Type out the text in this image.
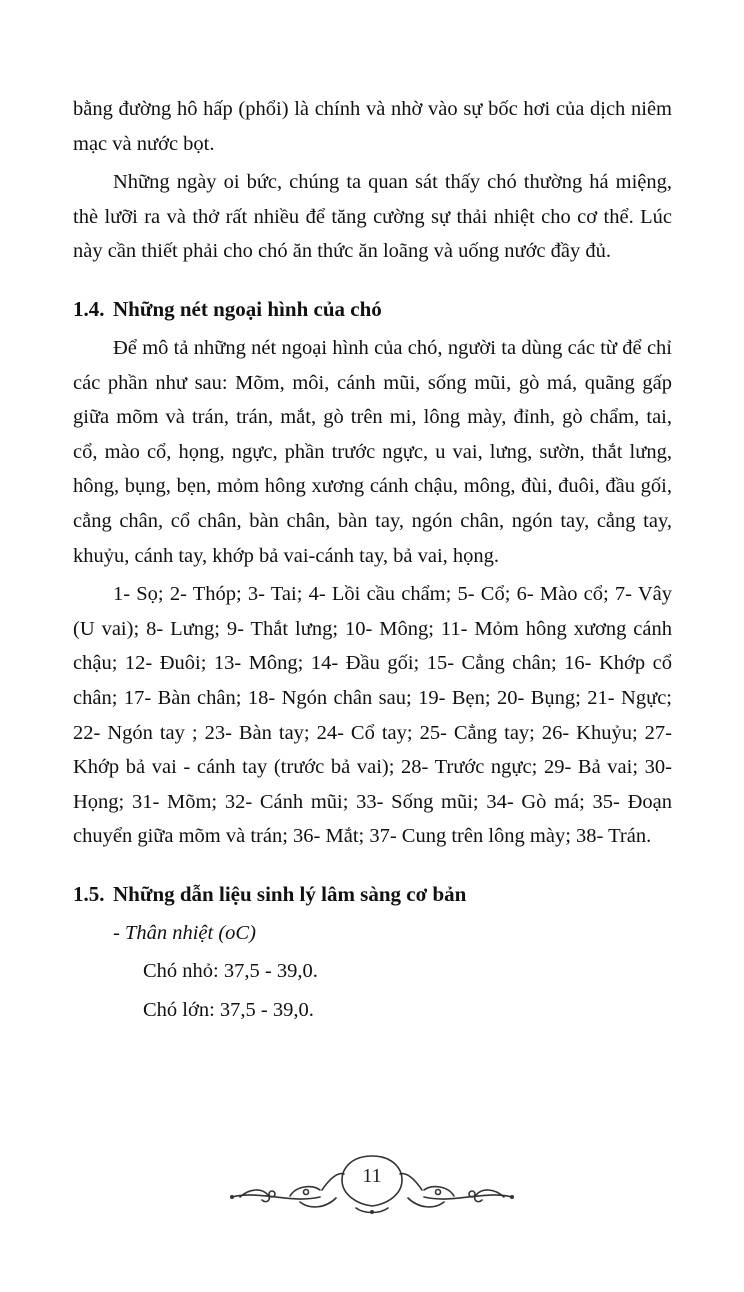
bằng đường hô hấp (phổi) là chính và nhờ vào sự bốc hơi của dịch niêm mạc và nước bọt.

Những ngày oi bức, chúng ta quan sát thấy chó thường há miệng, thè lưỡi ra và thở rất nhiều để tăng cường sự thải nhiệt cho cơ thể. Lúc này cần thiết phải cho chó ăn thức ăn loãng và uống nước đầy đủ.

1.4. Những nét ngoại hình của chó

Để mô tả những nét ngoại hình của chó, người ta dùng các từ để chỉ các phần như sau: Mõm, môi, cánh mũi, sống mũi, gò má, quãng gấp giữa mõm và trán, trán, mắt, gò trên mi, lông mày, đỉnh, gò chẩm, tai, cổ, mào cổ, họng, ngực, phần trước ngực, u vai, lưng, sườn, thắt lưng, hông, bụng, bẹn, mỏm hông xương cánh chậu, mông, đùi, đuôi, đầu gối, cẳng chân, cổ chân, bàn chân, bàn tay, ngón chân, ngón tay, cẳng tay, khuỷu, cánh tay, khớp bả vai-cánh tay, bả vai, họng.

1- Sọ; 2- Thóp; 3- Tai; 4- Lồi cầu chẩm; 5- Cổ; 6- Mào cổ; 7- Vây (U vai); 8- Lưng; 9- Thắt lưng; 10- Mông; 11- Mỏm hông xương cánh chậu; 12- Đuôi; 13- Mông; 14- Đầu gối; 15- Cẳng chân; 16- Khớp cổ chân; 17- Bàn chân; 18- Ngón chân sau; 19- Bẹn; 20- Bụng; 21- Ngực; 22- Ngón tay ; 23- Bàn tay; 24- Cổ tay; 25- Cẳng tay; 26- Khuỷu; 27- Khớp bả vai - cánh tay (trước bả vai); 28- Trước ngực; 29- Bả vai; 30- Họng; 31- Mõm; 32- Cánh mũi; 33- Sống mũi; 34- Gò má; 35- Đoạn chuyển giữa mõm và trán; 36- Mắt; 37- Cung trên lông mày; 38- Trán.

1.5. Những dẫn liệu sinh lý lâm sàng cơ bản

- Thân nhiệt (oC)

Chó nhỏ: 37,5 - 39,0.

Chó lớn: 37,5 - 39,0.

11
